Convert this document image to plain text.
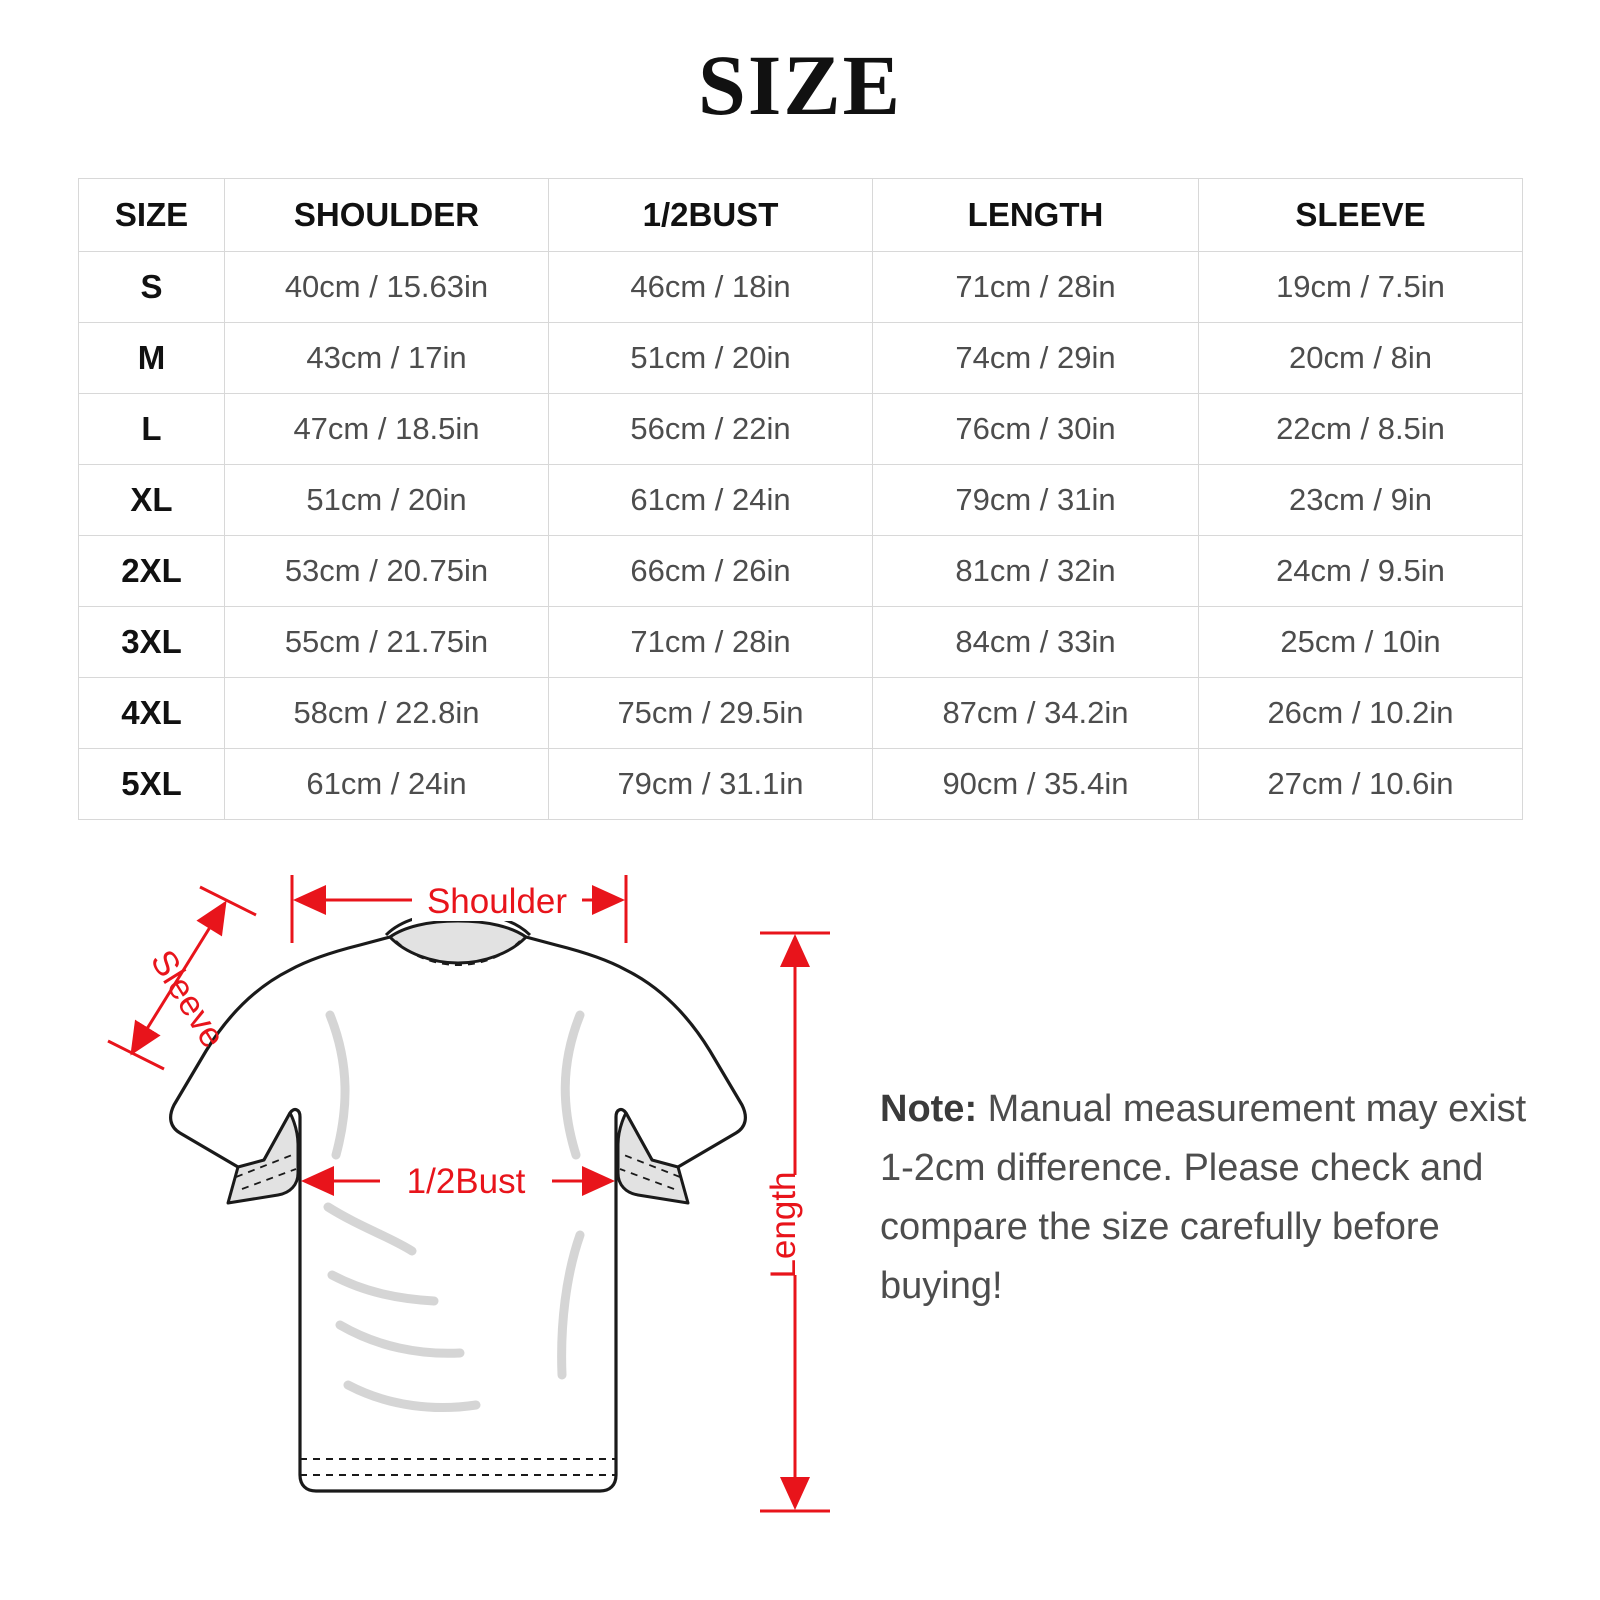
SIZE
SIZE	SHOULDER	1/2BUST	LENGTH	SLEEVE
S	40cm / 15.63in	46cm / 18in	71cm / 28in	19cm / 7.5in
M	43cm / 17in	51cm / 20in	74cm / 29in	20cm / 8in
L	47cm / 18.5in	56cm / 22in	76cm / 30in	22cm / 8.5in
XL	51cm / 20in	61cm / 24in	79cm / 31in	23cm / 9in
2XL	53cm / 20.75in	66cm / 26in	81cm / 32in	24cm / 9.5in
3XL	55cm / 21.75in	71cm / 28in	84cm / 33in	25cm / 10in
4XL	58cm / 22.8in	75cm / 29.5in	87cm / 34.2in	26cm / 10.2in
5XL	61cm / 24in	79cm / 31.1in	90cm / 35.4in	27cm / 10.6in
Shoulder
Sleeve
1/2Bust	Length
Note: Manual measurement may exist 1-2cm difference. Please check and compare the size carefully before buying!
